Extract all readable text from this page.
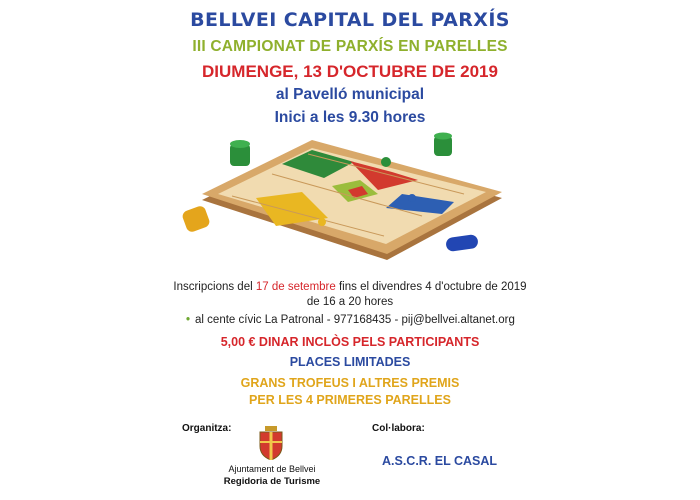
BELLVEI CAPITAL DEL PARXÍS
III CAMPIONAT DE PARXÍS EN PARELLES
DIUMENGE, 13 D'OCTUBRE DE 2019
al Pavelló municipal
Inici a les 9.30 hores
Inscripcions del 17 de setembre fins el divendres 4 d'octubre de 2019
de 16 a 20 hores
• al cente cívic La Patronal - 977168435 - pij@bellvei.altanet.org
5,00 € DINAR INCLÒS PELS PARTICIPANTS
PLACES LIMITADES
GRANS TROFEUS I ALTRES PREMIS
PER LES 4 PRIMERES PARELLES
Organitza:
Ajuntament de Bellvei
Regidoria de Turisme
Col·labora:
A.S.C.R. EL CASAL
